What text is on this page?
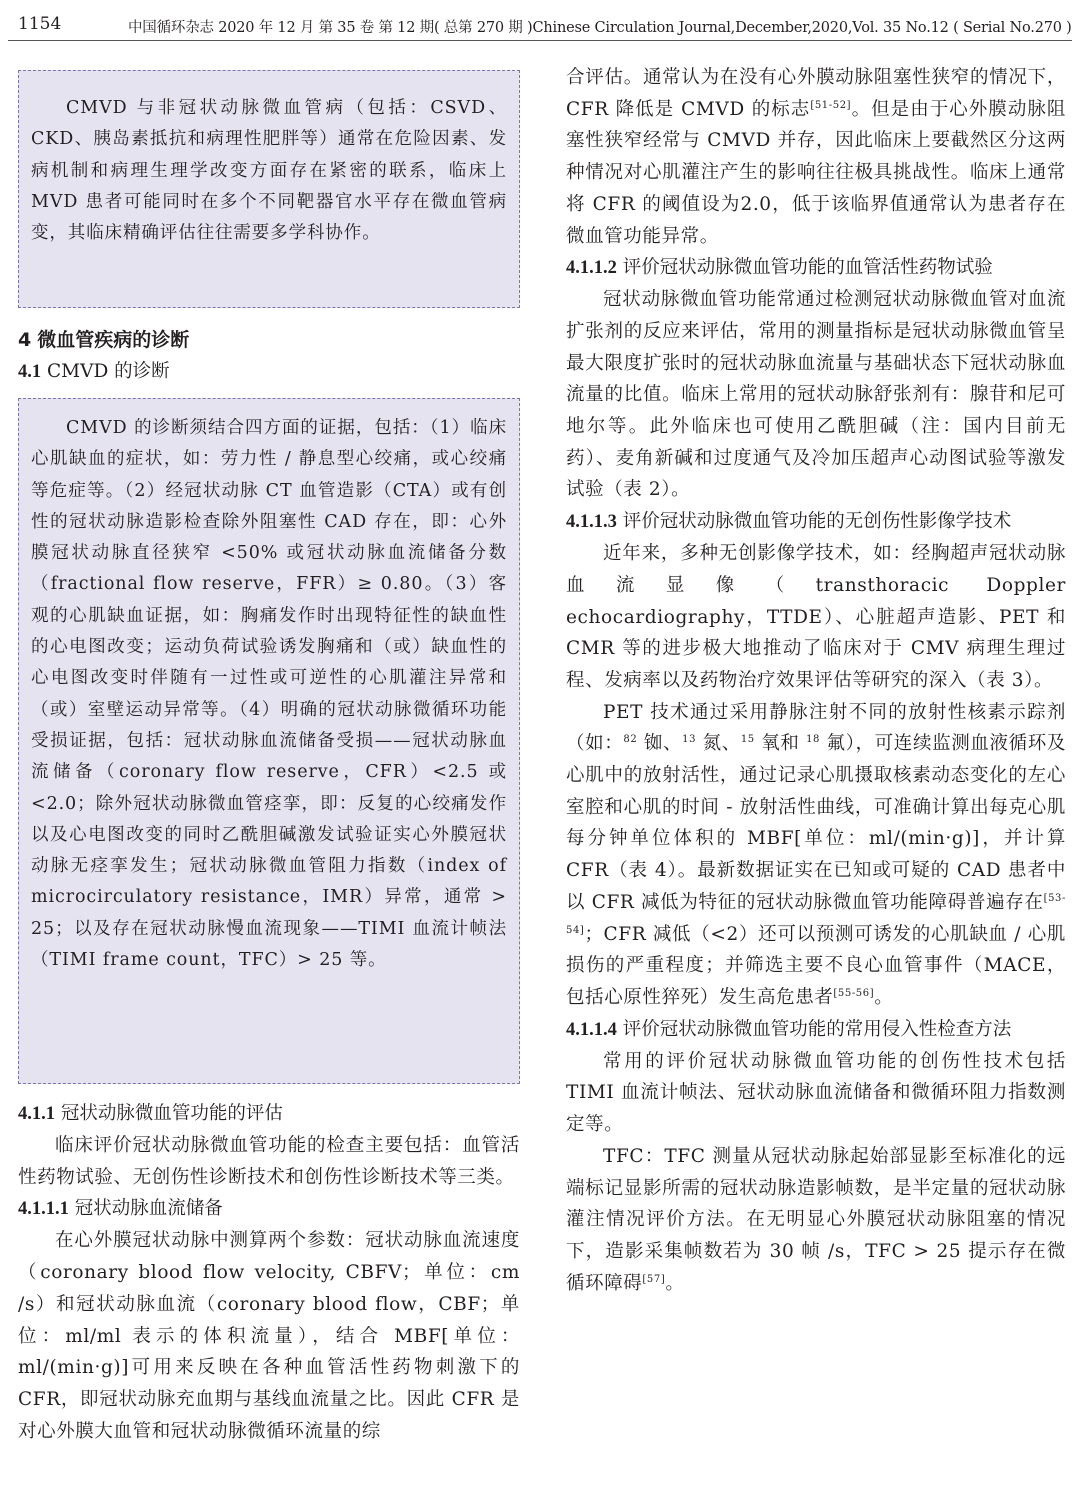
1154	中国循环杂志 2020 年 12 月 第 35 卷 第 12 期( 总第 270 期 )Chinese Circulation Journal,December,2020,Vol. 35 No.12 ( Serial No.270 )

CMVD 与非冠状动脉微血管病（包括：CSVD、CKD、胰岛素抵抗和病理性肥胖等）通常在危险因素、发病机制和病理生理学改变方面存在紧密的联系，临床上 MVD 患者可能同时在多个不同靶器官水平存在微血管病变，其临床精确评估往往需要多学科协作。

4 微血管疾病的诊断
4.1 CMVD 的诊断

CMVD 的诊断须结合四方面的证据，包括：（1）临床心肌缺血的症状，如：劳力性 / 静息型心绞痛，或心绞痛等危症等。（2）经冠状动脉 CT 血管造影（CTA）或有创性的冠状动脉造影检查除外阻塞性 CAD 存在，即：心外膜冠状动脉直径狭窄 <50% 或冠状动脉血流储备分数（fractional flow reserve，FFR）≥ 0.80。（3）客观的心肌缺血证据，如：胸痛发作时出现特征性的缺血性的心电图改变；运动负荷试验诱发胸痛和（或）缺血性的心电图改变时伴随有一过性或可逆性的心肌灌注异常和（或）室壁运动异常等。（4）明确的冠状动脉微循环功能受损证据，包括：冠状动脉血流储备受损——冠状动脉血流储备（coronary flow reserve，CFR）<2.5 或 <2.0；除外冠状动脉微血管痉挛，即：反复的心绞痛发作以及心电图改变的同时乙酰胆碱激发试验证实心外膜冠状动脉无痉挛发生；冠状动脉微血管阻力指数（index of microcirculatory resistance，IMR）异常，通常 > 25；以及存在冠状动脉慢血流现象——TIMI 血流计帧法（TIMI frame count，TFC）> 25 等。

4.1.1 冠状动脉微血管功能的评估

临床评价冠状动脉微血管功能的检查主要包括：血管活性药物试验、无创伤性诊断技术和创伤性诊断技术等三类。

4.1.1.1 冠状动脉血流储备

在心外膜冠状动脉中测算两个参数：冠状动脉血流速度（coronary blood flow velocity, CBFV；单位：cm /s）和冠状动脉血流（coronary blood flow，CBF；单位：ml/ml 表示的体积流量），结合 MBF[单位：ml/(min·g)]可用来反映在各种血管活性药物刺激下的 CFR，即冠状动脉充血期与基线血流量之比。因此 CFR 是对心外膜大血管和冠状动脉微循环流量的综

合评估。通常认为在没有心外膜动脉阻塞性狭窄的情况下，CFR 降低是 CMVD 的标志[51-52]。但是由于心外膜动脉阻塞性狭窄经常与 CMVD 并存，因此临床上要截然区分这两种情况对心肌灌注产生的影响往往极具挑战性。临床上通常将 CFR 的阈值设为2.0，低于该临界值通常认为患者存在微血管功能异常。

4.1.1.2 评价冠状动脉微血管功能的血管活性药物试验

冠状动脉微血管功能常通过检测冠状动脉微血管对血流扩张剂的反应来评估，常用的测量指标是冠状动脉微血管呈最大限度扩张时的冠状动脉血流量与基础状态下冠状动脉血流量的比值。临床上常用的冠状动脉舒张剂有：腺苷和尼可地尔等。此外临床也可使用乙酰胆碱（注：国内目前无药）、麦角新碱和过度通气及冷加压超声心动图试验等激发试验（表 2）。

4.1.1.3 评价冠状动脉微血管功能的无创伤性影像学技术

近年来，多种无创影像学技术，如：经胸超声冠状动脉血流显像（transthoracic Doppler echocardiography，TTDE）、心脏超声造影、PET 和 CMR 等的进步极大地推动了临床对于 CMV 病理生理过程、发病率以及药物治疗效果评估等研究的深入（表 3）。

PET 技术通过采用静脉注射不同的放射性核素示踪剂（如：$^{82}$ 铷、$^{13}$ 氮、$^{15}$ 氧和 $^{18}$ 氟），可连续监测血液循环及心肌中的放射活性，通过记录心肌摄取核素动态变化的左心室腔和心肌的时间 - 放射活性曲线，可准确计算出每克心肌每分钟单位体积的 MBF[单位：ml/(min·g)]，并计算 CFR（表 4）。最新数据证实在已知或可疑的 CAD 患者中以 CFR 减低为特征的冠状动脉微血管功能障碍普遍存在[53-54]；CFR 减低（<2）还可以预测可诱发的心肌缺血 / 心肌损伤的严重程度；并筛选主要不良心血管事件（MACE，包括心原性猝死）发生高危患者[55-56]。

4.1.1.4 评价冠状动脉微血管功能的常用侵入性检查方法

常用的评价冠状动脉微血管功能的创伤性技术包括 TIMI 血流计帧法、冠状动脉血流储备和微循环阻力指数测定等。

TFC：TFC 测量从冠状动脉起始部显影至标准化的远端标记显影所需的冠状动脉造影帧数，是半定量的冠状动脉灌注情况评价方法。在无明显心外膜冠状动脉阻塞的情况下，造影采集帧数若为 30 帧 /s，TFC > 25 提示存在微循环障碍[57]。
